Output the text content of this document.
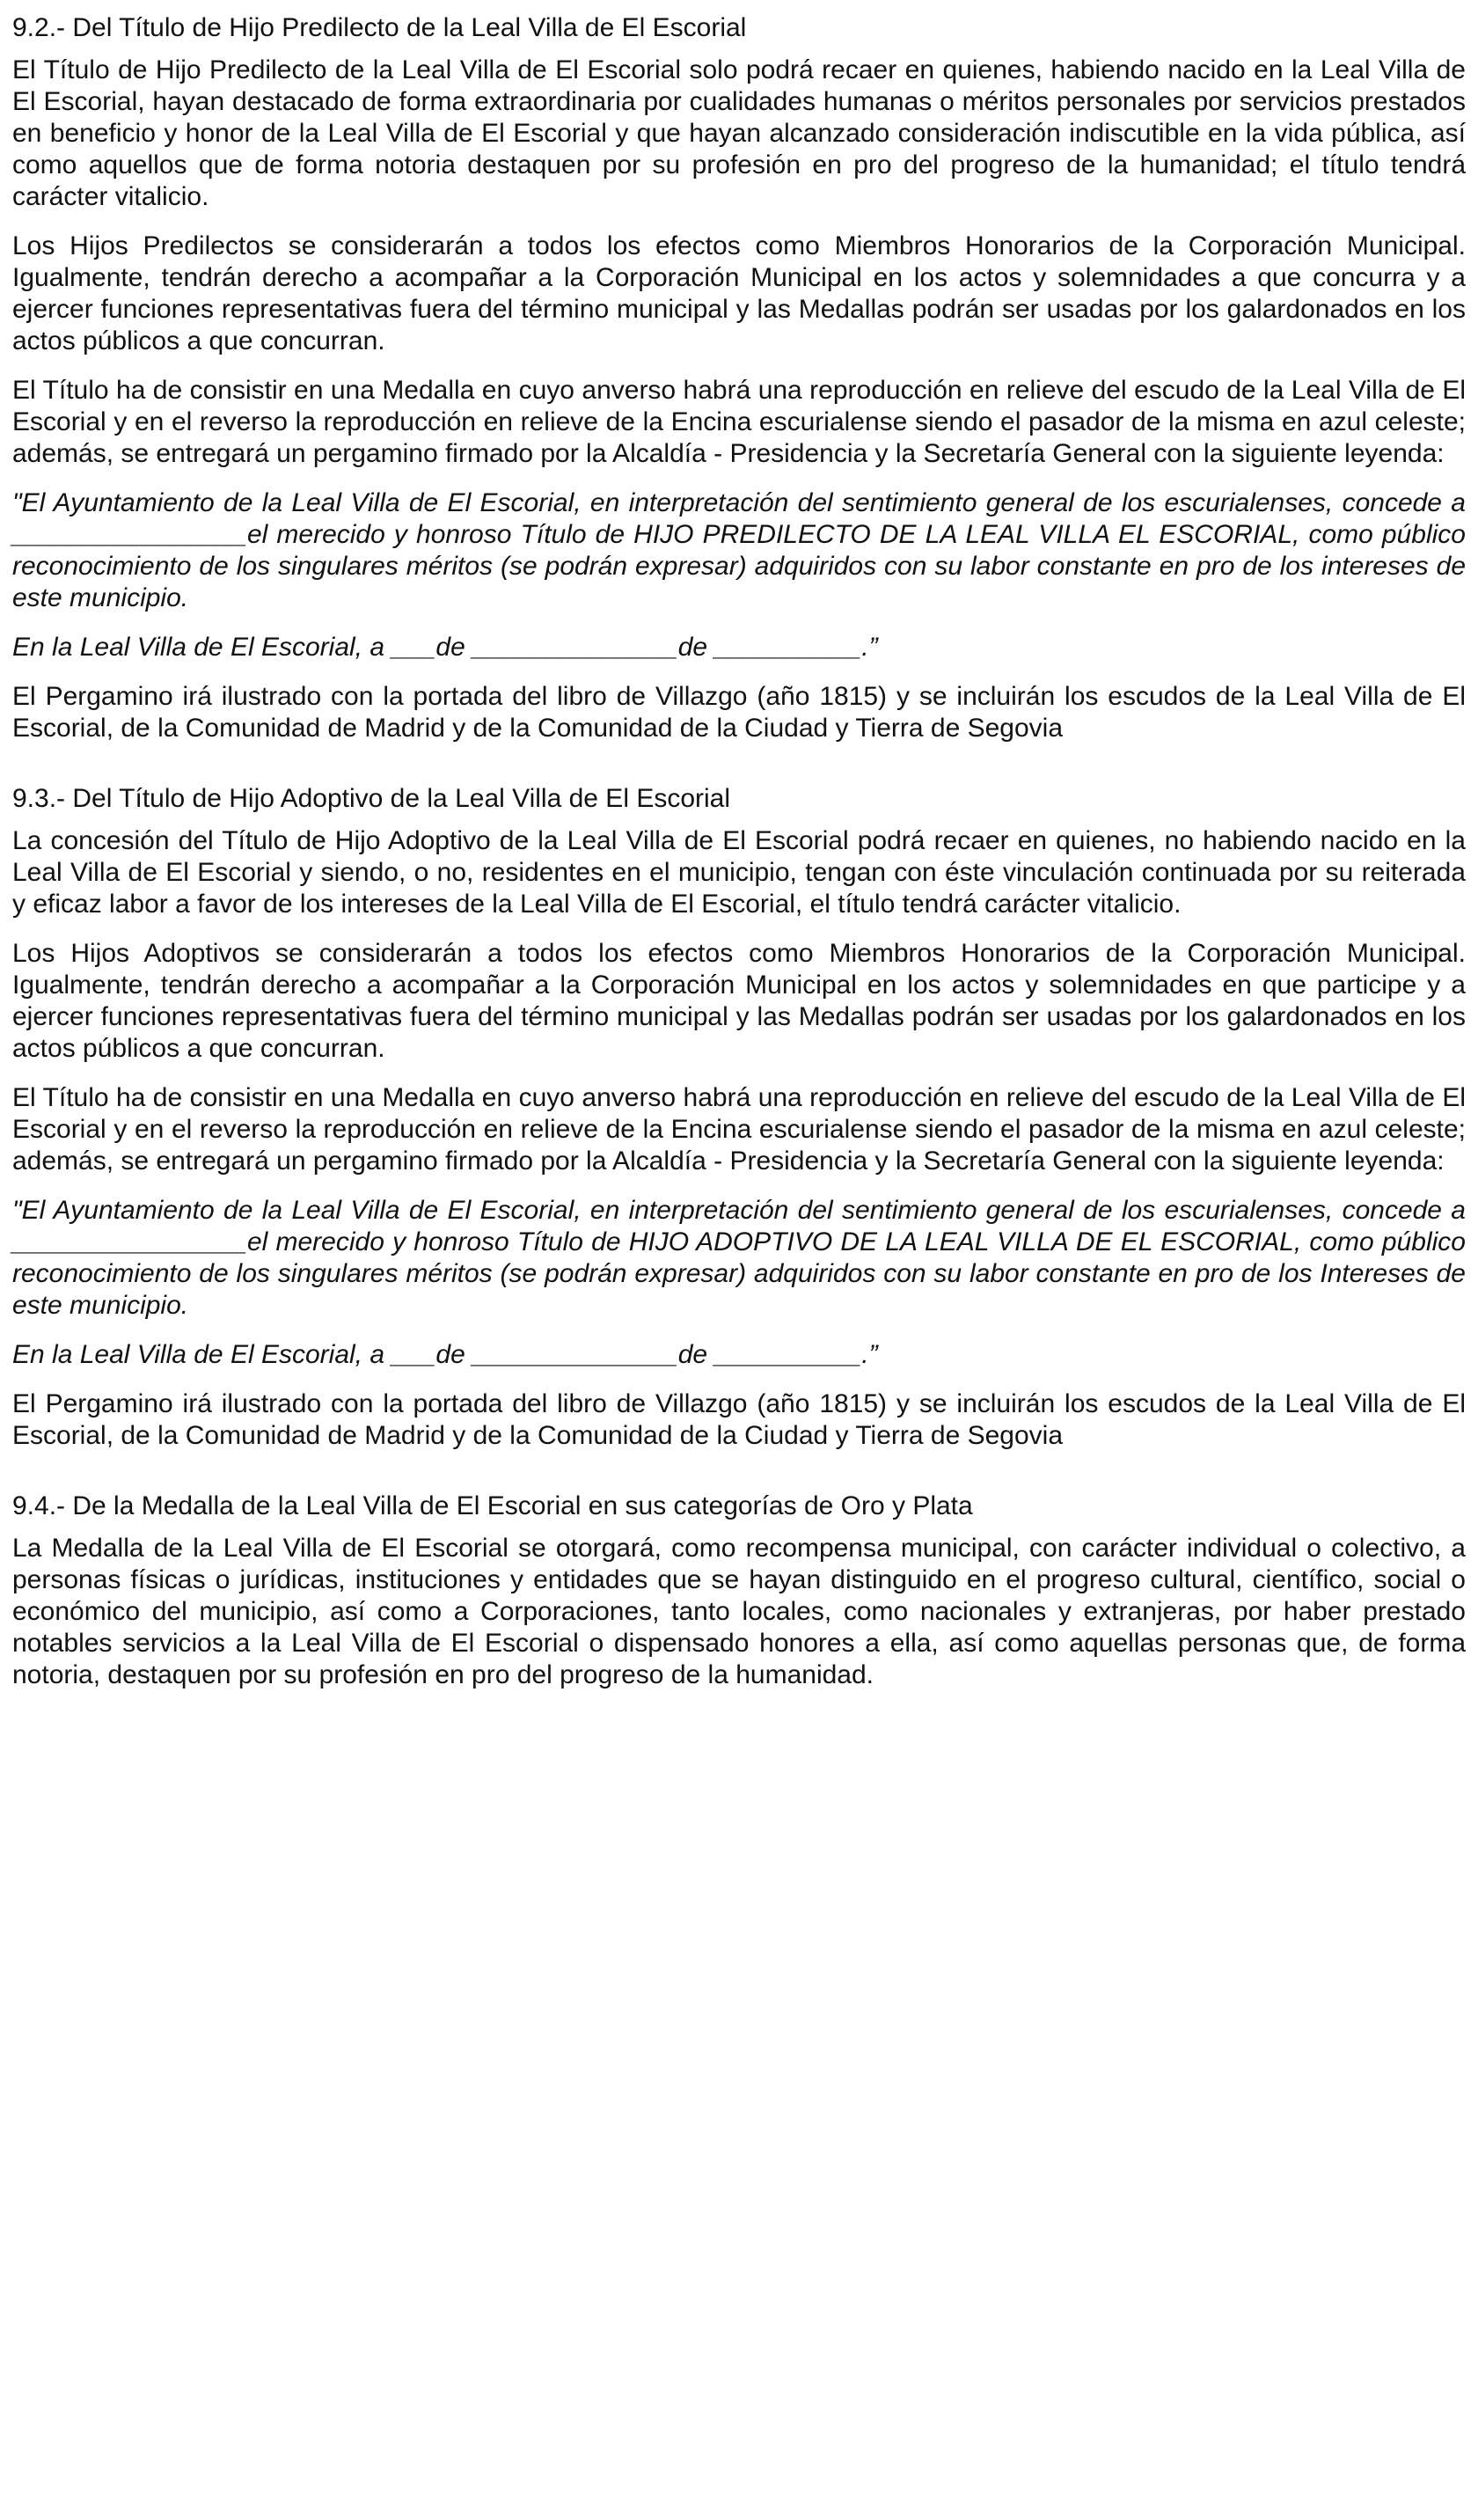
9.2.- Del Título de Hijo Predilecto de la Leal Villa de El Escorial

El Título de Hijo Predilecto de la Leal Villa de El Escorial solo podrá recaer en quienes, habiendo nacido en la Leal Villa de El Escorial, hayan destacado de forma extraordinaria por cualidades humanas o méritos personales por servicios prestados en beneficio y honor de la Leal Villa de El Escorial y que hayan alcanzado consideración indiscutible en la vida pública, así como aquellos que de forma notoria destaquen por su profesión en pro del progreso de la humanidad; el título tendrá carácter vitalicio.

Los Hijos Predilectos se considerarán a todos los efectos como Miembros Honorarios de la Corporación Municipal. Igualmente, tendrán derecho a acompañar a la Corporación Municipal en los actos y solemnidades a que concurra y a ejercer funciones representativas fuera del término municipal y las Medallas podrán ser usadas por los galardonados en los actos públicos a que concurran.

El Título ha de consistir en una Medalla en cuyo anverso habrá una reproducción en relieve del escudo de la Leal Villa de El Escorial y en el reverso la reproducción en relieve de la Encina escurialense siendo el pasador de la misma en azul celeste; además, se entregará un pergamino firmado por la Alcaldía - Presidencia y la Secretaría General con la siguiente leyenda:

"El Ayuntamiento de la Leal Villa de El Escorial, en interpretación del sentimiento general de los escurialenses, concede a ________________el merecido y honroso Título de HIJO PREDILECTO DE LA LEAL VILLA EL ESCORIAL, como público reconocimiento de los singulares méritos (se podrán expresar) adquiridos con su labor constante en pro de los intereses de este municipio.

En la Leal Villa de El Escorial, a ___de ______________de __________.”

El Pergamino irá ilustrado con la portada del libro de Villazgo (año 1815) y se incluirán los escudos de la Leal Villa de El Escorial, de la Comunidad de Madrid y de la Comunidad de la Ciudad y Tierra de Segovia

9.3.- Del Título de Hijo Adoptivo de la Leal Villa de El Escorial

La concesión del Título de Hijo Adoptivo de la Leal Villa de El Escorial podrá recaer en quienes, no habiendo nacido en la Leal Villa de El Escorial y siendo, o no, residentes en el municipio, tengan con éste vinculación continuada por su reiterada y eficaz labor a favor de los intereses de la Leal Villa de El Escorial, el título tendrá carácter vitalicio.

Los Hijos Adoptivos se considerarán a todos los efectos como Miembros Honorarios de la Corporación Municipal. Igualmente, tendrán derecho a acompañar a la Corporación Municipal en los actos y solemnidades en que participe y a ejercer funciones representativas fuera del término municipal y las Medallas podrán ser usadas por los galardonados en los actos públicos a que concurran.

El Título ha de consistir en una Medalla en cuyo anverso habrá una reproducción en relieve del escudo de la Leal Villa de El Escorial y en el reverso la reproducción en relieve de la Encina escurialense siendo el pasador de la misma en azul celeste; además, se entregará un pergamino firmado por la Alcaldía - Presidencia y la Secretaría General con la siguiente leyenda:

"El Ayuntamiento de la Leal Villa de El Escorial, en interpretación del sentimiento general de los escurialenses, concede a ________________el merecido y honroso Título de HIJO ADOPTIVO DE LA LEAL VILLA DE EL ESCORIAL, como público reconocimiento de los singulares méritos (se podrán expresar) adquiridos con su labor constante en pro de los Intereses de este municipio.

En la Leal Villa de El Escorial, a ___de ______________de __________.”

El Pergamino irá ilustrado con la portada del libro de Villazgo (año 1815) y se incluirán los escudos de la Leal Villa de El Escorial, de la Comunidad de Madrid y de la Comunidad de la Ciudad y Tierra de Segovia

9.4.- De la Medalla de la Leal Villa de El Escorial en sus categorías de Oro y Plata

La Medalla de la Leal Villa de El Escorial se otorgará, como recompensa municipal, con carácter individual o colectivo, a personas físicas o jurídicas, instituciones y entidades que se hayan distinguido en el progreso cultural, científico, social o económico del municipio, así como a Corporaciones, tanto locales, como nacionales y extranjeras, por haber prestado notables servicios a la Leal Villa de El Escorial o dispensado honores a ella, así como aquellas personas que, de forma notoria, destaquen por su profesión en pro del progreso de la humanidad.
